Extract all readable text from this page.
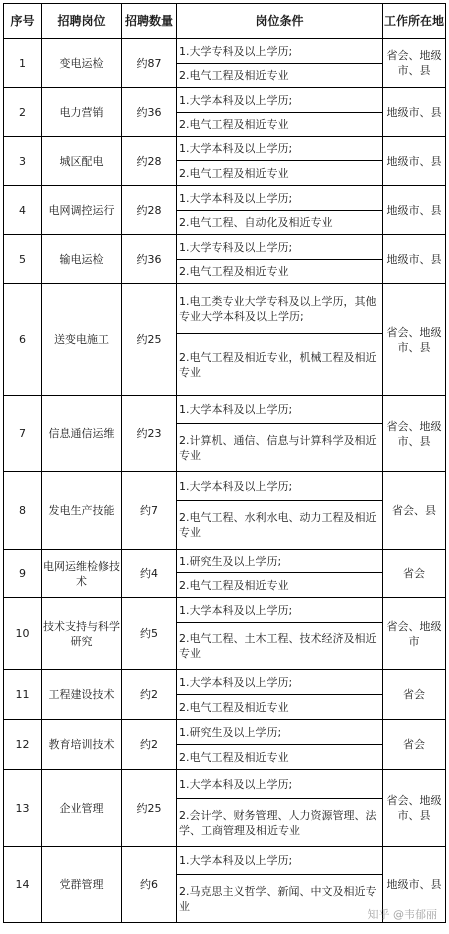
序号	招聘岗位	招聘数量	岗位条件	工作所在地
1	变电运检	约87	1.大学专科及以上学历;	省会、地级市、县
			2.电气工程及相近专业	
2	电力营销	约36	1.大学本科及以上学历;	地级市、县
			2.电气工程及相近专业	
3	城区配电	约28	1.大学本科及以上学历;	地级市、县
			2.电气工程及相近专业	
4	电网调控运行	约28	1.大学本科及以上学历;	地级市、县
			2.电气工程、自动化及相近专业	
5	输电运检	约36	1.大学专科及以上学历;	地级市、县
			2.电气工程及相近专业	
6	送变电施工	约25	1.电工类专业大学专科及以上学历，其他专业大学本科及以上学历;	省会、地级市、县
			2.电气工程及相近专业，机械工程及相近专业	
7	信息通信运维	约23	1.大学本科及以上学历;	省会、地级市、县
			2.计算机、通信、信息与计算科学及相近专业	
8	发电生产技能	约7	1.大学本科及以上学历;	省会、县
			2.电气工程、水利水电、动力工程及相近专业	
9	电网运维检修技术	约4	1.研究生及以上学历;	省会
			2.电气工程及相近专业	
10	技术支持与科学研究	约5	1.大学本科及以上学历;	省会、地级市
			2.电气工程、土木工程、技术经济及相近专业	
11	工程建设技术	约2	1.大学本科及以上学历;	省会
			2.电气工程及相近专业	
12	教育培训技术	约2	1.研究生及以上学历;	省会
			2.电气工程及相近专业	
13	企业管理	约25	1.大学本科及以上学历;	省会、地级市、县
			2.会计学、财务管理、人力资源管理、法学、工商管理及相近专业	
14	党群管理	约6	1.大学本科及以上学历;	地级市、县
			2.马克思主义哲学、新闻、中文及相近专业	
知乎 @韦郁丽
